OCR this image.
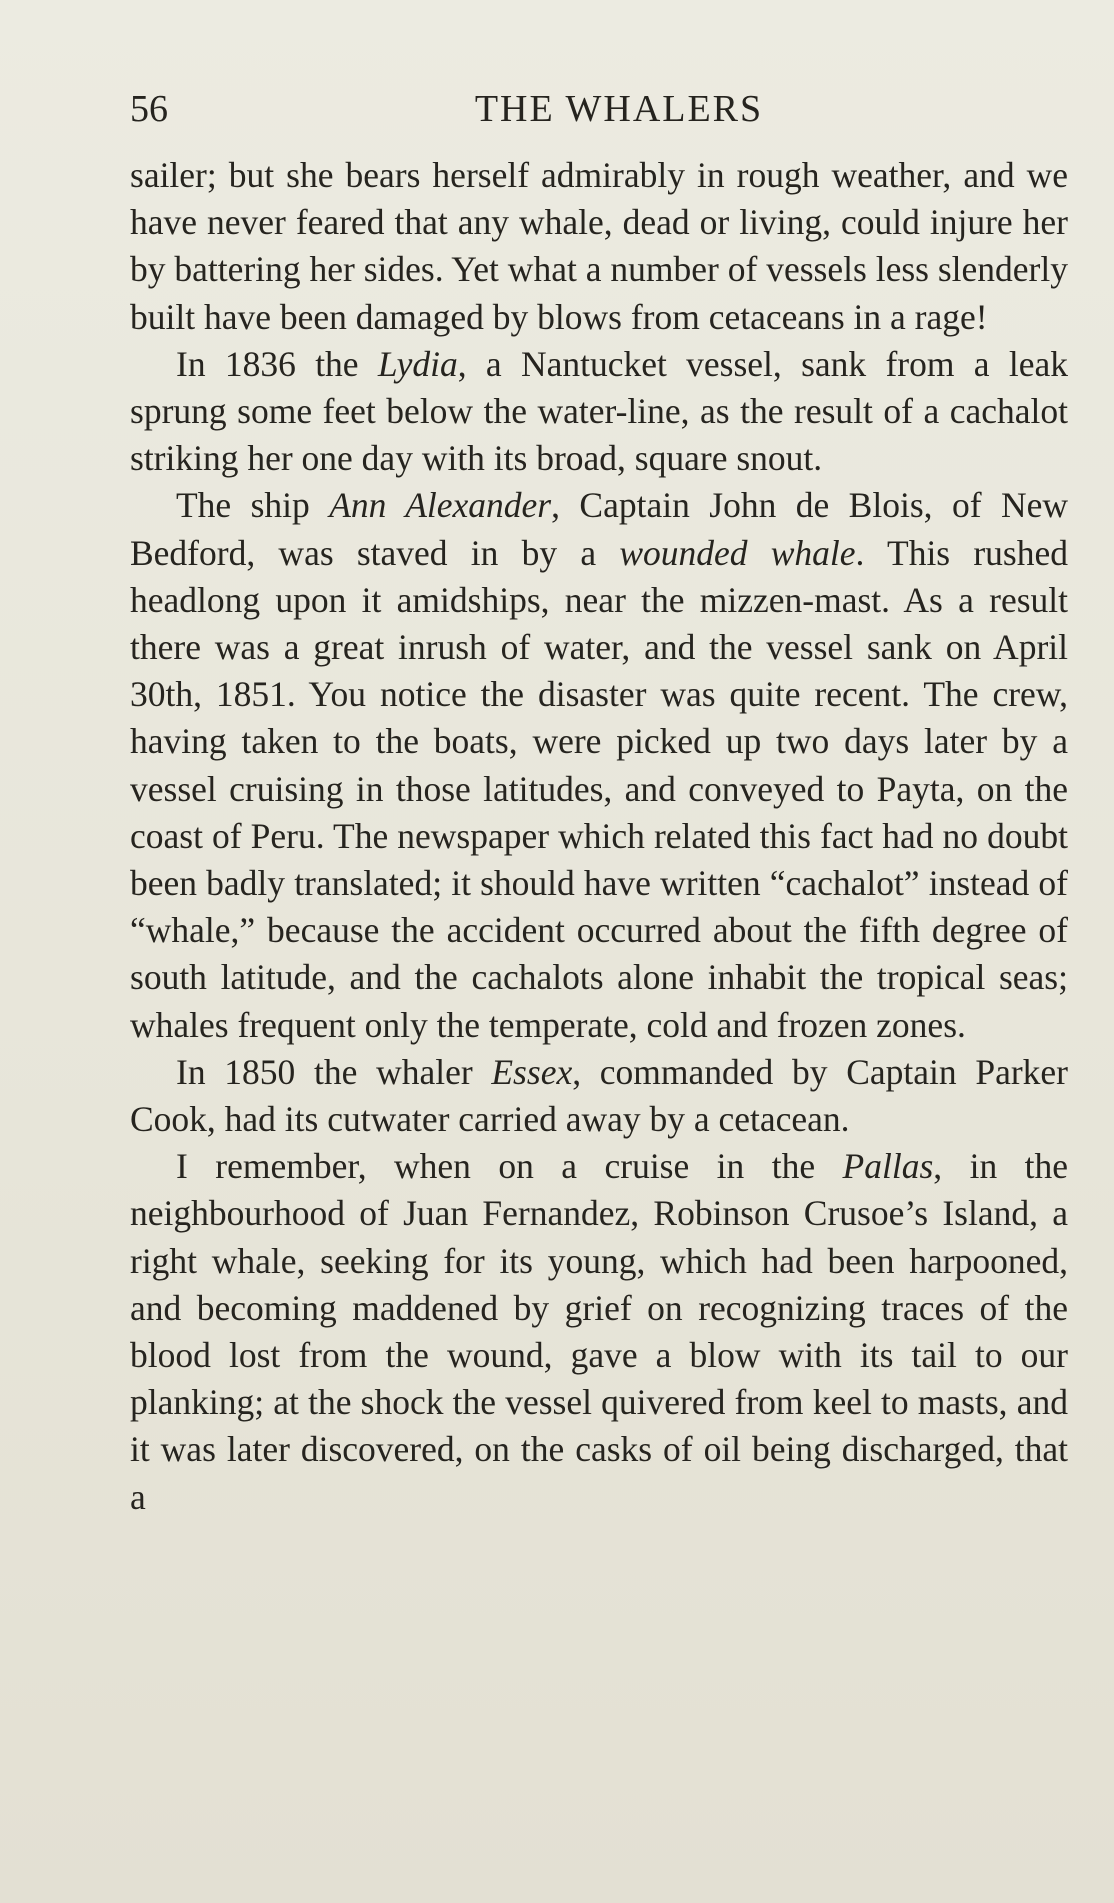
56	THE WHALERS

sailer; but she bears herself admirably in rough weather, and we have never feared that any whale, dead or living, could injure her by battering her sides. Yet what a number of vessels less slenderly built have been damaged by blows from cetaceans in a rage!

In 1836 the Lydia, a Nantucket vessel, sank from a leak sprung some feet below the water-line, as the result of a cachalot striking her one day with its broad, square snout.

The ship Ann Alexander, Captain John de Blois, of New Bedford, was staved in by a wounded whale. This rushed headlong upon it amidships, near the mizzen-mast. As a result there was a great inrush of water, and the vessel sank on April 30th, 1851. You notice the disaster was quite recent. The crew, having taken to the boats, were picked up two days later by a vessel cruising in those latitudes, and conveyed to Payta, on the coast of Peru. The newspaper which related this fact had no doubt been badly translated; it should have written “cachalot” instead of “whale,” because the accident occurred about the fifth degree of south latitude, and the cachalots alone inhabit the tropical seas; whales frequent only the temperate, cold and frozen zones.

In 1850 the whaler Essex, commanded by Captain Parker Cook, had its cutwater carried away by a cetacean.

I remember, when on a cruise in the Pallas, in the neighbourhood of Juan Fernandez, Robinson Crusoe’s Island, a right whale, seeking for its young, which had been harpooned, and becoming maddened by grief on recognizing traces of the blood lost from the wound, gave a blow with its tail to our planking; at the shock the vessel quivered from keel to masts, and it was later discovered, on the casks of oil being discharged, that a
